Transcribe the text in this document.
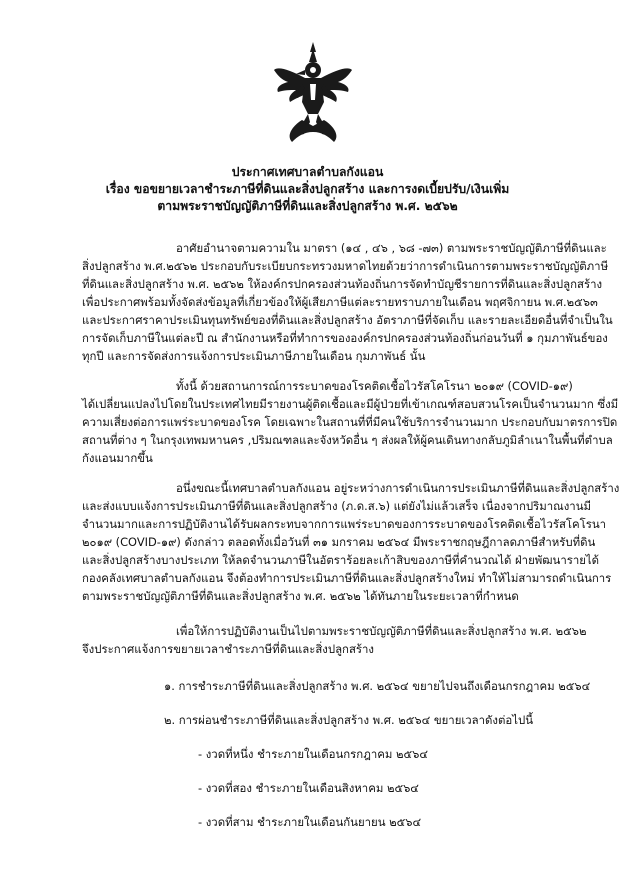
ประกาศเทศบาลตำบลกังแอน
เรื่อง ขอขยายเวลาชำระภาษีที่ดินและสิ่งปลูกสร้าง และการงดเบี้ยปรับ/เงินเพิ่ม
ตามพระราชบัญญัติภาษีที่ดินและสิ่งปลูกสร้าง พ.ศ. ๒๕๖๒
อาศัยอำนาจตามความใน มาตรา (๑๔ , ๔๖ , ๖๘ -๗๓) ตามพระราชบัญญัติภาษีที่ดินและ
สิ่งปลูกสร้าง พ.ศ.๒๕๖๒ ประกอบกับระเบียบกระทรวงมหาดไทยด้วยว่าการดำเนินการตามพระราชบัญญัติภาษี
ที่ดินและสิ่งปลูกสร้าง พ.ศ. ๒๕๖๒ ให้องค์กรปกครองส่วนท้องถิ่นการจัดทำบัญชีรายการที่ดินและสิ่งปลูกสร้าง
เพื่อประกาศพร้อมทั้งจัดส่งข้อมูลที่เกี่ยวข้องให้ผู้เสียภาษีแต่ละรายทราบภายในเดือน พฤศจิกายน พ.ศ.๒๕๖๓
และประกาศราคาประเมินทุนทรัพย์ของที่ดินและสิ่งปลูกสร้าง อัตราภาษีที่จัดเก็บ และรายละเอียดอื่นที่จำเป็นใน
การจัดเก็บภาษีในแต่ละปี ณ สำนักงานหรือที่ทำการขององค์กรปกครองส่วนท้องถิ่นก่อนวันที่ ๑ กุมภาพันธ์ของ
ทุกปี และการจัดส่งการแจ้งการประเมินภาษีภายในเดือน กุมภาพันธ์ นั้น
ทั้งนี้ ด้วยสถานการณ์การระบาดของโรคติดเชื้อไวรัสโคโรนา ๒๐๑๙ (COVID-๑๙)
ได้เปลี่ยนแปลงไปโดยในประเทศไทยมีรายงานผู้ติดเชื้อและมีผู้ป่วยที่เข้าเกณฑ์สอบสวนโรคเป็นจำนวนมาก ซึ่งมี
ความเสี่ยงต่อการแพร่ระบาดของโรค โดยเฉพาะในสถานที่ที่มีคนใช้บริการจำนวนมาก ประกอบกับมาตรการปิด
สถานที่ต่าง ๆ ในกรุงเทพมหานคร ,ปริมณฑลและจังหวัดอื่น ๆ ส่งผลให้ผู้คนเดินทางกลับภูมิลำเนาในพื้นที่ตำบล
กังแอนมากขึ้น
อนึ่งขณะนี้เทศบาลตำบลกังแอน อยู่ระหว่างการดำเนินการประเมินภาษีที่ดินและสิ่งปลูกสร้าง
และส่งแบบแจ้งการประเมินภาษีที่ดินและสิ่งปลูกสร้าง (ภ.ด.ส.๖) แต่ยังไม่แล้วเสร็จ เนื่องจากปริมาณงานมี
จำนวนมากและการปฏิบัติงานได้รับผลกระทบจากการแพร่ระบาดของการระบาดของโรคติดเชื้อไวรัสโคโรนา
๒๐๑๙ (COVID-๑๙) ดังกล่าว ตลอดทั้งเมื่อวันที่ ๓๑ มกราคม ๒๕๖๔ มีพระราชกฤษฎีกาลดภาษีสำหรับที่ดิน
และสิ่งปลูกสร้างบางประเภท ให้ลดจำนวนภาษีในอัตราร้อยละเก้าสิบของภาษีที่คำนวณได้ ฝ่ายพัฒนารายได้
กองคลังเทศบาลตำบลกังแอน จึงต้องทำการประเมินภาษีที่ดินและสิ่งปลูกสร้างใหม่ ทำให้ไม่สามารถดำเนินการ
ตามพระราชบัญญัติภาษีที่ดินและสิ่งปลูกสร้าง พ.ศ. ๒๕๖๒ ได้ทันภายในระยะเวลาที่กำหนด
เพื่อให้การปฏิบัติงานเป็นไปตามพระราชบัญญัติภาษีที่ดินและสิ่งปลูกสร้าง พ.ศ. ๒๕๖๒
จึงประกาศแจ้งการขยายเวลาชำระภาษีที่ดินและสิ่งปลูกสร้าง
๑. การชำระภาษีที่ดินและสิ่งปลูกสร้าง พ.ศ. ๒๕๖๔ ขยายไปจนถึงเดือนกรกฎาคม ๒๕๖๔
๒. การผ่อนชำระภาษีที่ดินและสิ่งปลูกสร้าง พ.ศ. ๒๕๖๔ ขยายเวลาดังต่อไปนี้
- งวดที่หนึ่ง ชำระภายในเดือนกรกฎาคม ๒๕๖๔
- งวดที่สอง ชำระภายในเดือนสิงหาคม ๒๕๖๔
- งวดที่สาม ชำระภายในเดือนกันยายน ๒๕๖๔
